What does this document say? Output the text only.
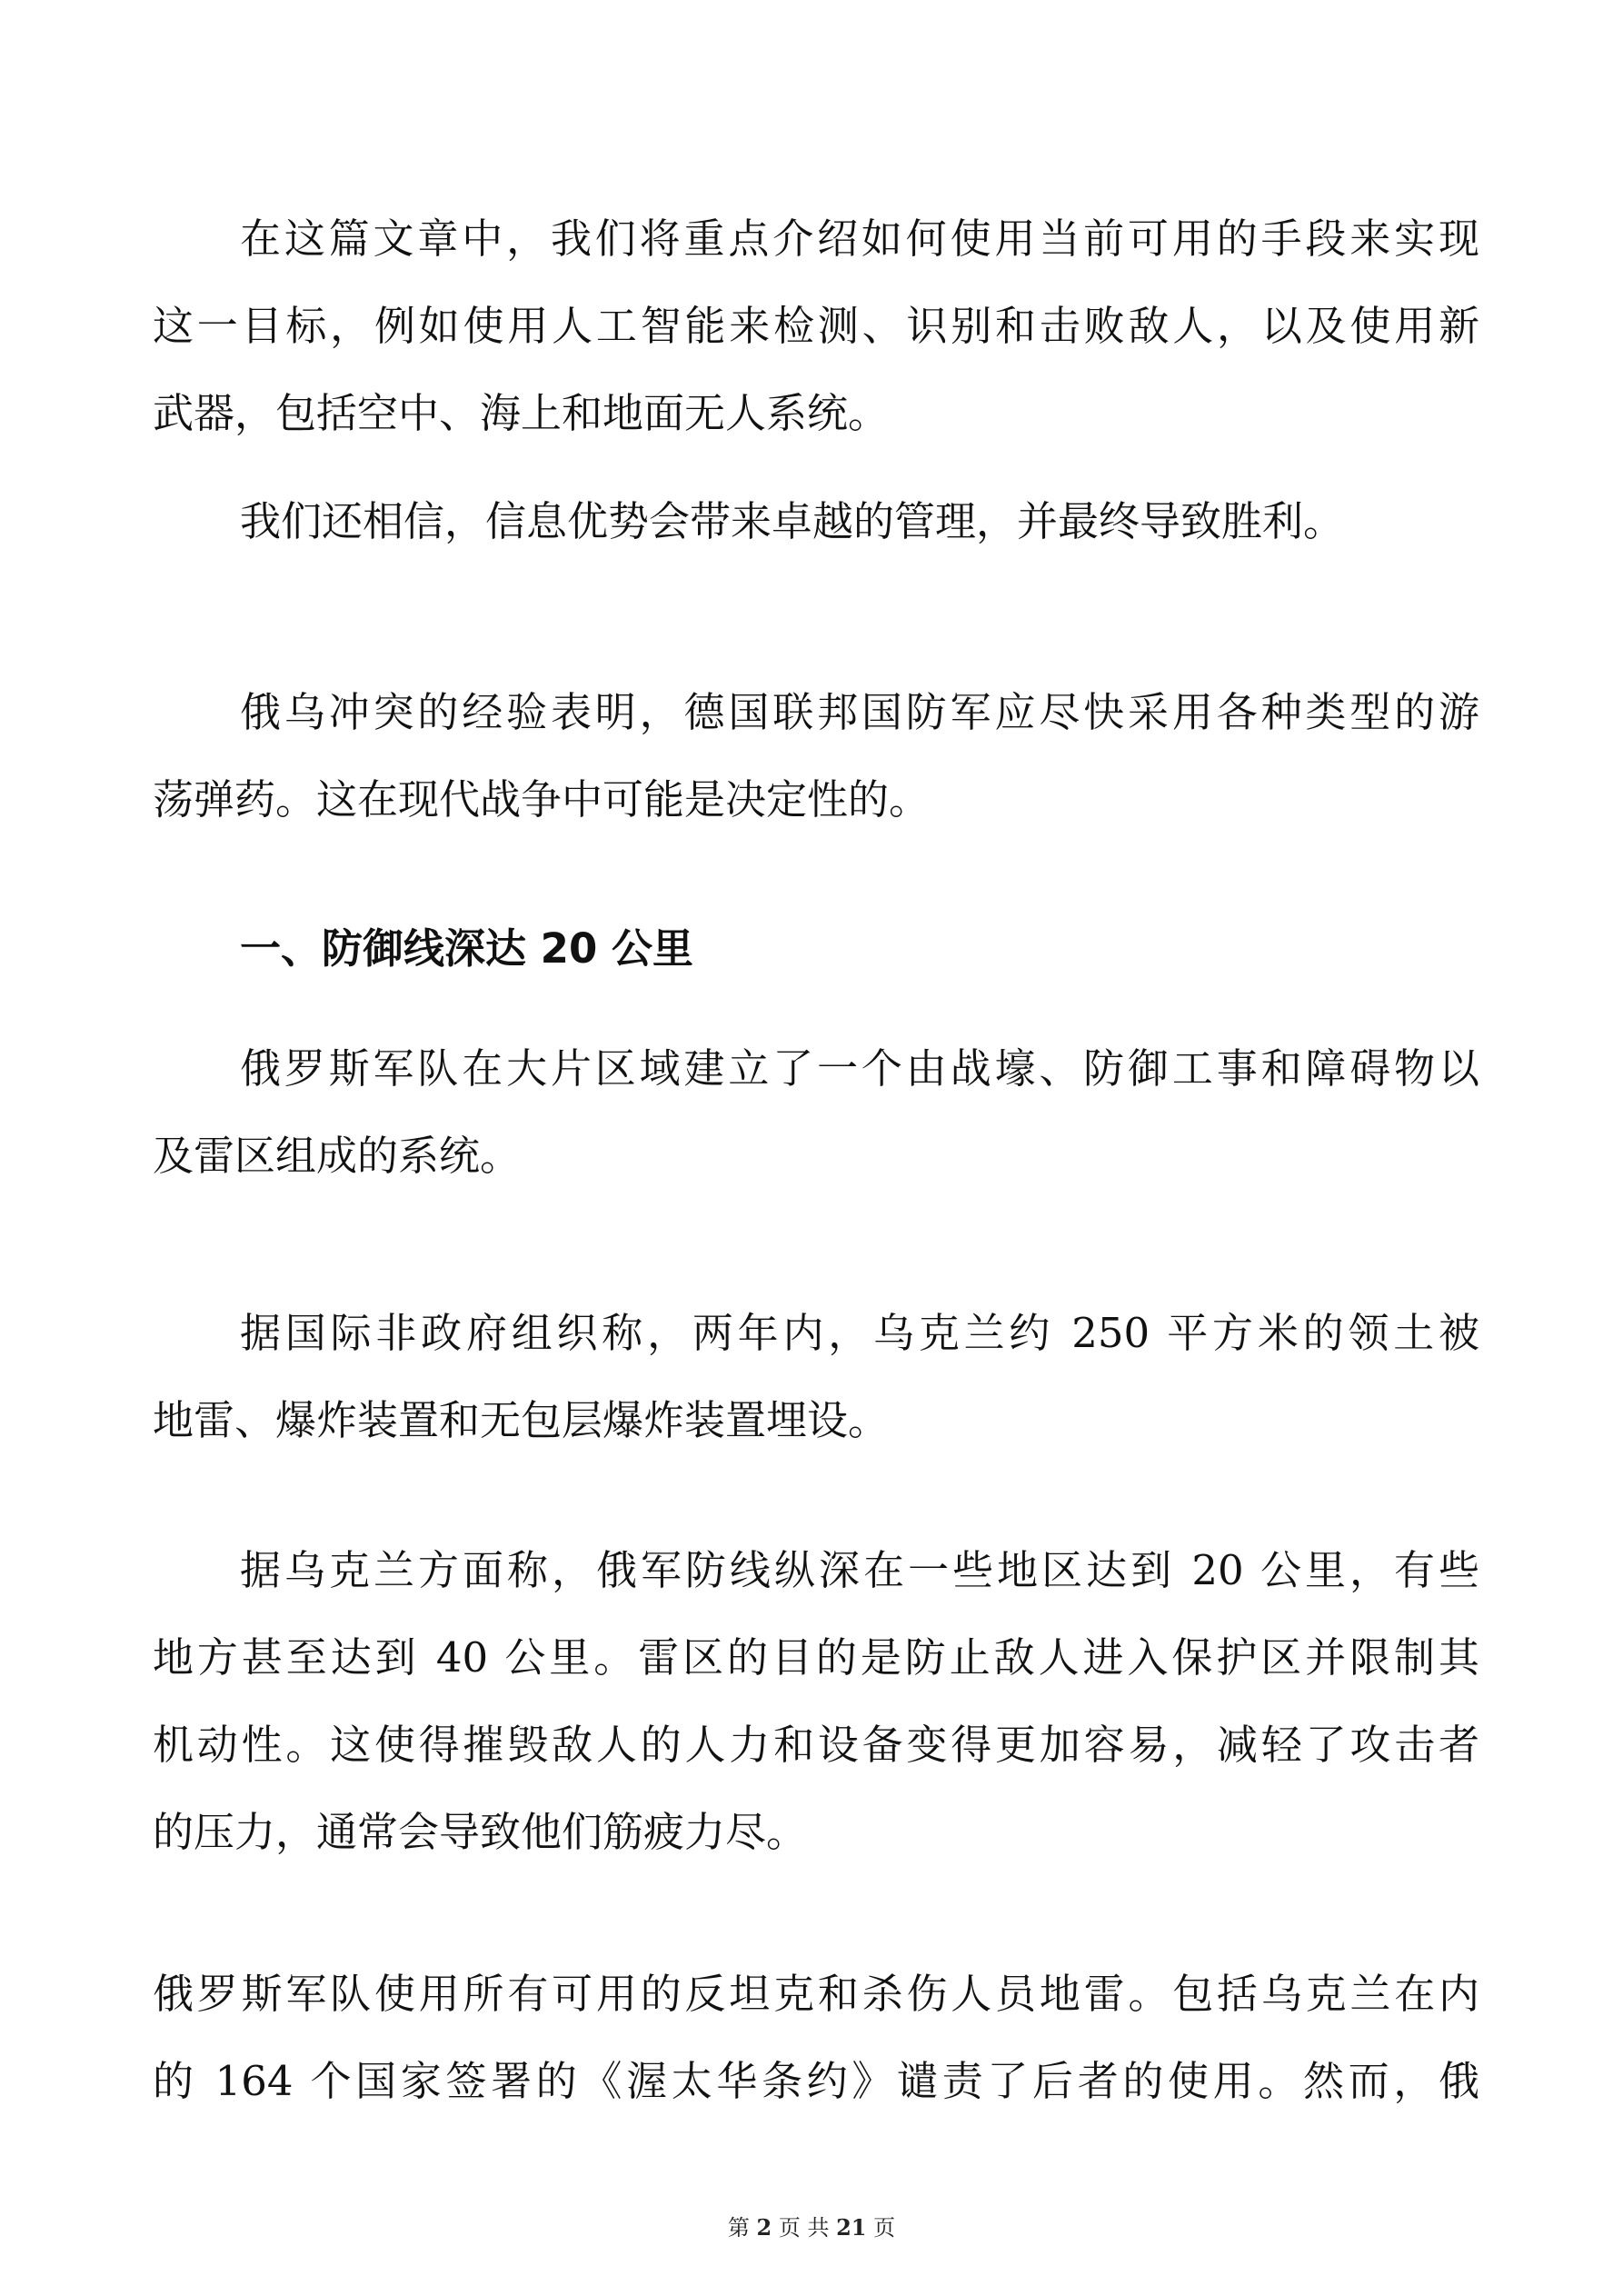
在这篇文章中，我们将重点介绍如何使用当前可用的手段来实现
这一目标，例如使用人工智能来检测、识别和击败敌人，以及使用新
武器，包括空中、海上和地面无人系统。
我们还相信，信息优势会带来卓越的管理，并最终导致胜利。
俄乌冲突的经验表明，德国联邦国防军应尽快采用各种类型的游
荡弹药。这在现代战争中可能是决定性的。
一、防御线深达 20 公里
俄罗斯军队在大片区域建立了一个由战壕、防御工事和障碍物以
及雷区组成的系统。
据国际非政府组织称，两年内，乌克兰约 250 平方米的领土被
地雷、爆炸装置和无包层爆炸装置埋设。
据乌克兰方面称，俄军防线纵深在一些地区达到 20 公里，有些
地方甚至达到 40 公里。雷区的目的是防止敌人进入保护区并限制其
机动性。这使得摧毁敌人的人力和设备变得更加容易，减轻了攻击者
的压力，通常会导致他们筋疲力尽。
俄罗斯军队使用所有可用的反坦克和杀伤人员地雷。包括乌克兰在内
的 164 个国家签署的《渥太华条约》谴责了后者的使用。然而，俄
第 2 页 共 21 页
